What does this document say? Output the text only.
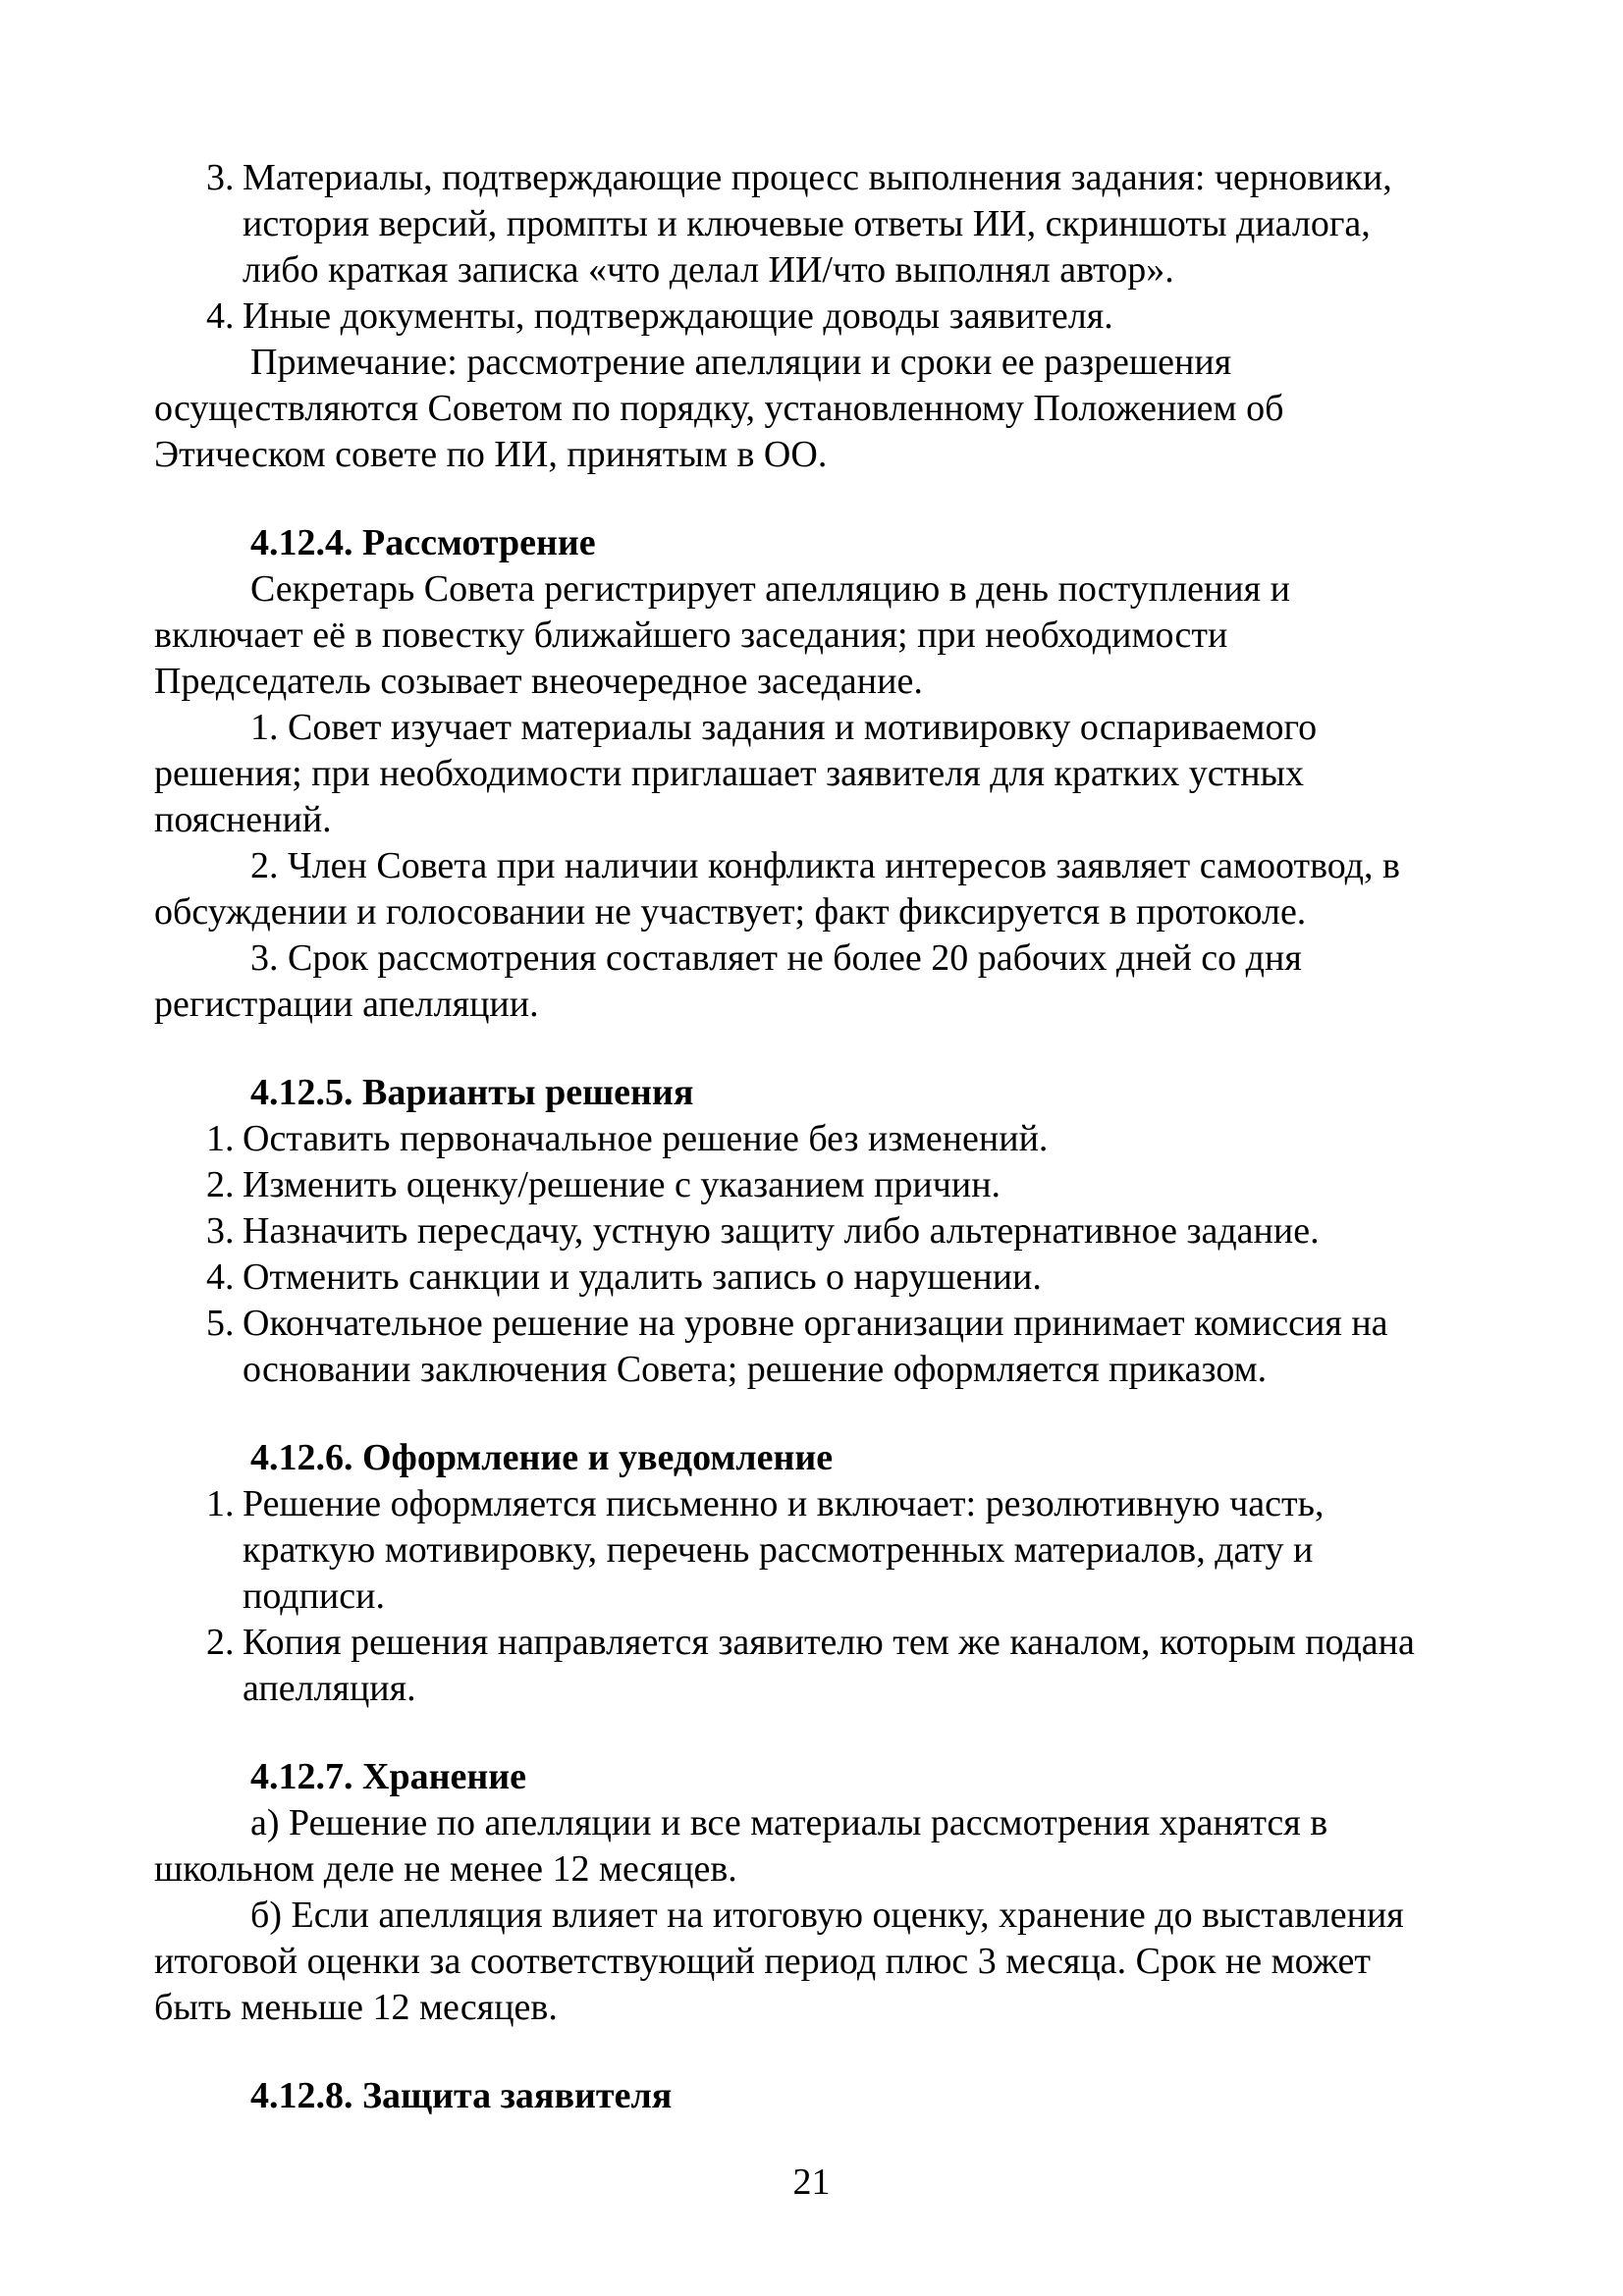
3. Материалы, подтверждающие процесс выполнения задания: черновики,
история версий, промпты и ключевые ответы ИИ, скриншоты диалога,
либо краткая записка «что делал ИИ/что выполнял автор».
4. Иные документы, подтверждающие доводы заявителя.
Примечание: рассмотрение апелляции и сроки ее разрешения
осуществляются Советом по порядку, установленному Положением об
Этическом совете по ИИ, принятым в ОО.
4.12.4. Рассмотрение
Секретарь Совета регистрирует апелляцию в день поступления и
включает её в повестку ближайшего заседания; при необходимости
Председатель созывает внеочередное заседание.
1. Совет изучает материалы задания и мотивировку оспариваемого
решения; при необходимости приглашает заявителя для кратких устных
пояснений.
2. Член Совета при наличии конфликта интересов заявляет самоотвод, в
обсуждении и голосовании не участвует; факт фиксируется в протоколе.
3. Срок рассмотрения составляет не более 20 рабочих дней со дня
регистрации апелляции.
4.12.5. Варианты решения
1. Оставить первоначальное решение без изменений.
2. Изменить оценку/решение с указанием причин.
3. Назначить пересдачу, устную защиту либо альтернативное задание.
4. Отменить санкции и удалить запись о нарушении.
5. Окончательное решение на уровне организации принимает комиссия на
основании заключения Совета; решение оформляется приказом.
4.12.6. Оформление и уведомление
1. Решение оформляется письменно и включает: резолютивную часть,
краткую мотивировку, перечень рассмотренных материалов, дату и
подписи.
2. Копия решения направляется заявителю тем же каналом, которым подана
апелляция.
4.12.7. Хранение
а) Решение по апелляции и все материалы рассмотрения хранятся в
школьном деле не менее 12 месяцев.
б) Если апелляция влияет на итоговую оценку, хранение до выставления
итоговой оценки за соответствующий период плюс 3 месяца. Срок не может
быть меньше 12 месяцев.
4.12.8. Защита заявителя
21
